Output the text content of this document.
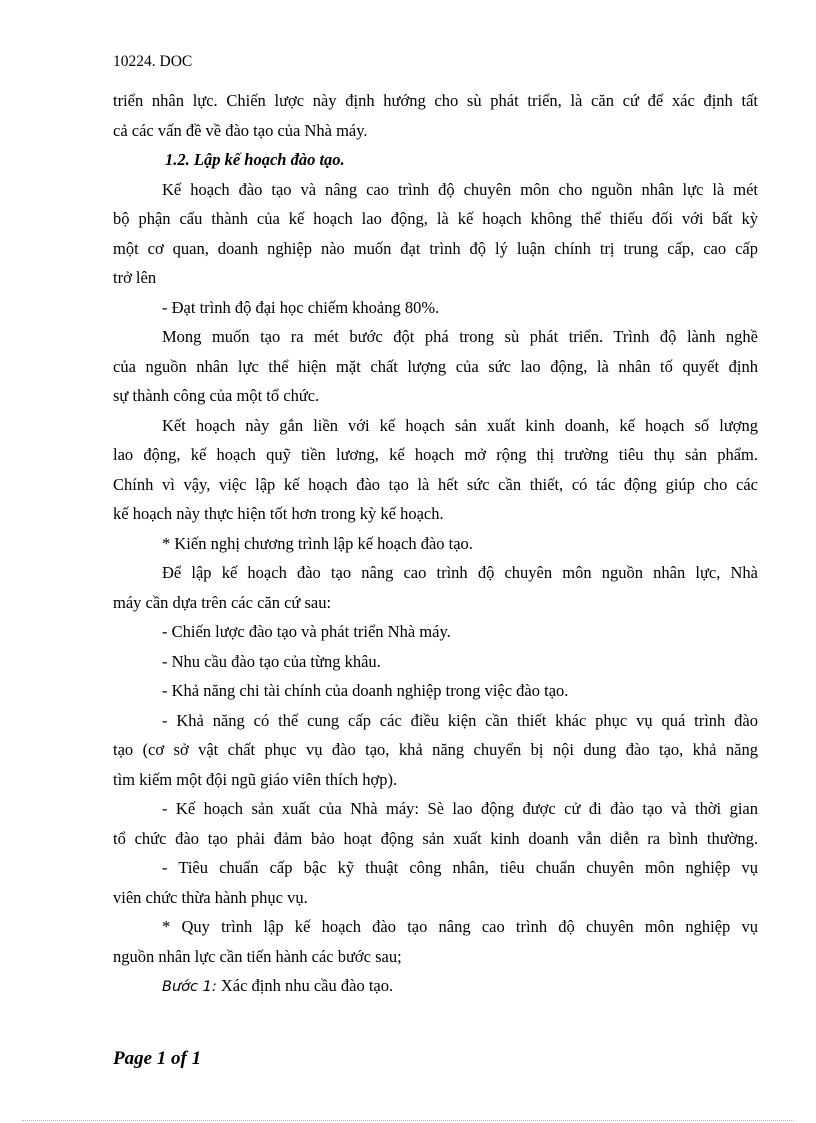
10224. DOC
triển nhân lực. Chiến lược này định hướng cho sù phát triển, là căn cứ để xác định tất
cả các vấn đề về đào tạo của Nhà máy.
1.2. Lập kế hoạch đào tạo.
Kế hoạch đào tạo và nâng cao trình độ chuyên môn cho nguồn nhân lực là mét
bộ phận cấu thành của kế hoạch lao động, là kế hoạch không thể thiếu đối với bất kỳ
một cơ quan, doanh nghiệp nào muốn đạt trình độ lý luận chính trị trung cấp, cao cấp
trở lên
- Đạt trình độ đại học chiếm khoảng 80%.
Mong muốn tạo ra mét bước đột phá trong sù phát triển. Trình độ lành nghề
của nguồn nhân lực thể hiện mặt chất lượng của sức lao động, là nhân tố quyết định
sự thành công của một tổ chức.
Kết hoạch này gắn liền với kế hoạch sản xuất kinh doanh, kế hoạch số lượng
lao động, kế hoạch quỹ tiền lương, kế hoạch mở rộng thị trường tiêu thụ sản phẩm.
Chính vì vậy, việc lập kế hoạch đào tạo là hết sức cần thiết, có tác động giúp cho các
kế hoạch này thực hiện tốt hơn trong kỳ kế hoạch.
* Kiến nghị chương trình lập kế hoạch đào tạo.
Để lập kế hoạch đào tạo nâng cao trình độ chuyên môn nguồn nhân lực, Nhà
máy cần dựa trên các căn cứ sau:
- Chiến lược đào tạo và phát triển Nhà máy.
- Nhu cầu đào tạo của từng khâu.
- Khả năng chi tài chính của doanh nghiệp trong việc đào tạo.
- Khả năng có thể cung cấp các điều kiện cần thiết khác phục vụ quá trình đào
tạo (cơ sở vật chất phục vụ đào tạo, khả năng chuyển bị nội dung đào tạo, khả năng
tìm kiếm một đội ngũ giáo viên thích hợp).
- Kế hoạch sản xuất của Nhà máy: Sè lao động được cử đi đào tạo và thời gian
tổ chức đào tạo phải đảm bảo hoạt động sản xuất kinh doanh vẫn diễn ra bình thường.
- Tiêu chuẩn cấp bậc kỹ thuật công nhân, tiêu chuẩn chuyên môn nghiệp vụ
viên chức thừa hành phục vụ.
* Quy trình lập kế hoạch đào tạo nâng cao trình độ chuyên môn nghiệp vụ
nguồn nhân lực cần tiến hành các bước sau;
Bước 1: Xác định nhu cầu đào tạo.
Page 1 of 1
